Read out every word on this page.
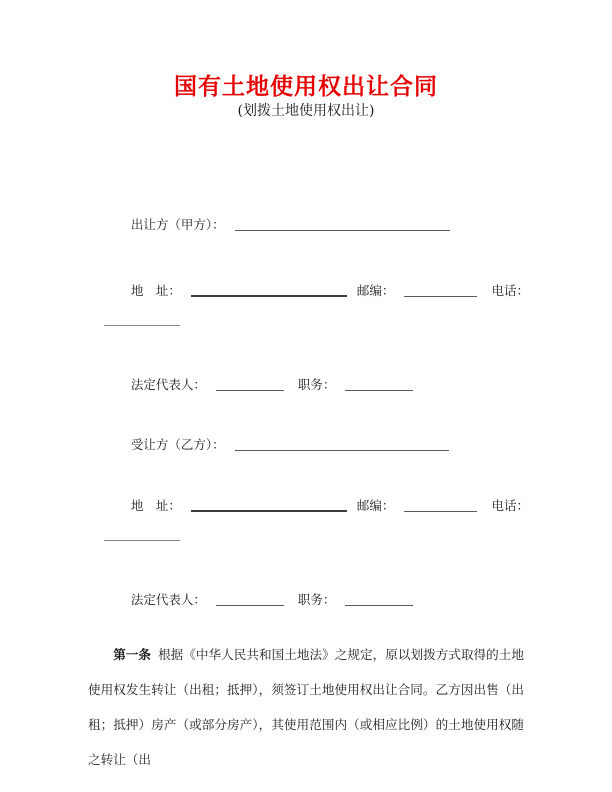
国有土地使用权出让合同
(划拨土地使用权出让)

出让方（甲方）：

地　址：	邮编：	电话：

法定代表人：	职务：

受让方（乙方）：

地　址：	邮编：	电话：

法定代表人：	职务：

第一条 根据《中华人民共和国土地法》之规定，原以划拨方式取得的土地使用权发生转让（出租；抵押），须签订土地使用权出让合同。乙方因出售（出租；抵押）房产（或部分房产），其使用范围内（或相应比例）的土地使用权随之转让（出
